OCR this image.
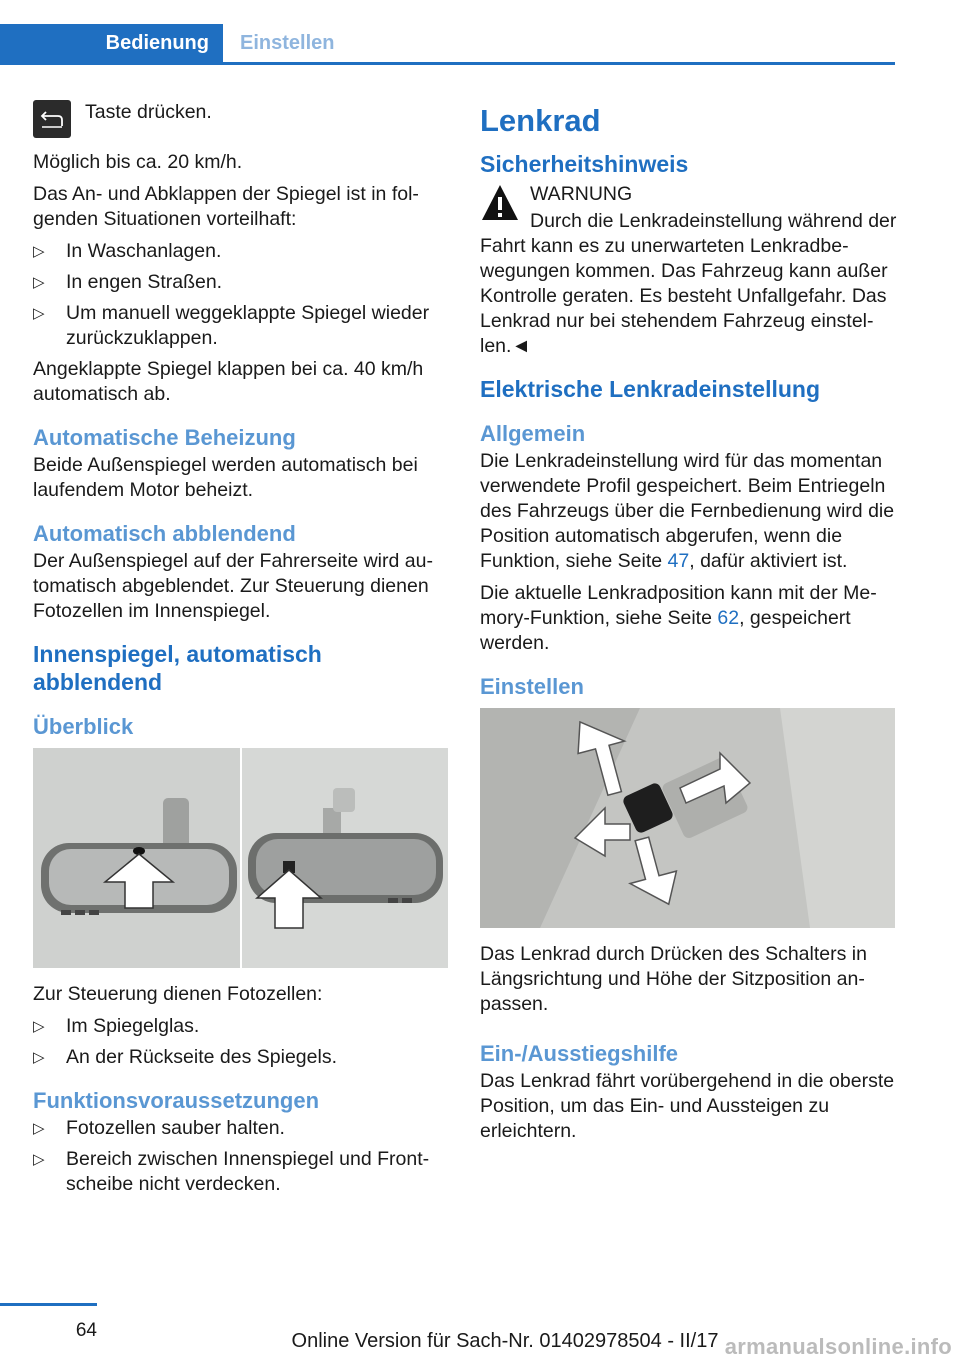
Bedienung	Einstellen
Taste drücken.

Möglich bis ca. 20 km/h.

Das An- und Abklappen der Spiegel ist in folgenden Situationen vorteilhaft:

▷ In Waschanlagen.
▷ In engen Straßen.
▷ Um manuell weggeklappte Spiegel wieder zurückzuklappen.

Angeklappte Spiegel klappen bei ca. 40 km/h automatisch ab.

Automatische Beheizung

Beide Außenspiegel werden automatisch bei laufendem Motor beheizt.

Automatisch abblendend

Der Außenspiegel auf der Fahrerseite wird automatisch abgeblendet. Zur Steuerung dienen Fotozellen im Innenspiegel.

Innenspiegel, automatisch abblendend
Überblick

Zur Steuerung dienen Fotozellen:

▷ Im Spiegelglas.
▷ An der Rückseite des Spiegels.
Funktionsvoraussetzungen
▷ Fotozellen sauber halten.
▷ Bereich zwischen Innenspiegel und Frontscheibe nicht verdecken.
Lenkrad
Sicherheitshinweis
WARNUNG

Durch die Lenkradeinstellung während der Fahrt kann es zu unerwarteten Lenkradbewegungen kommen. Das Fahrzeug kann außer Kontrolle geraten. Es besteht Unfallgefahr. Das Lenkrad nur bei stehendem Fahrzeug einstellen.◄

Elektrische Lenkradeinstellung
Allgemein

Die Lenkradeinstellung wird für das momentan verwendete Profil gespeichert. Beim Entriegeln des Fahrzeugs über die Fernbedienung wird die Position automatisch abgerufen, wenn die Funktion, siehe Seite 47, dafür aktiviert ist.

Die aktuelle Lenkradposition kann mit der Memory-Funktion, siehe Seite 62, gespeichert werden.

Einstellen

Das Lenkrad durch Drücken des Schalters in Längsrichtung und Höhe der Sitzposition anpassen.

Ein-/Ausstiegshilfe

Das Lenkrad fährt vorübergehend in die oberste Position, um das Ein- und Aussteigen zu erleichtern.

64	Online Version für Sach-Nr. 01402978504 - II/17 armanualsonline.info
